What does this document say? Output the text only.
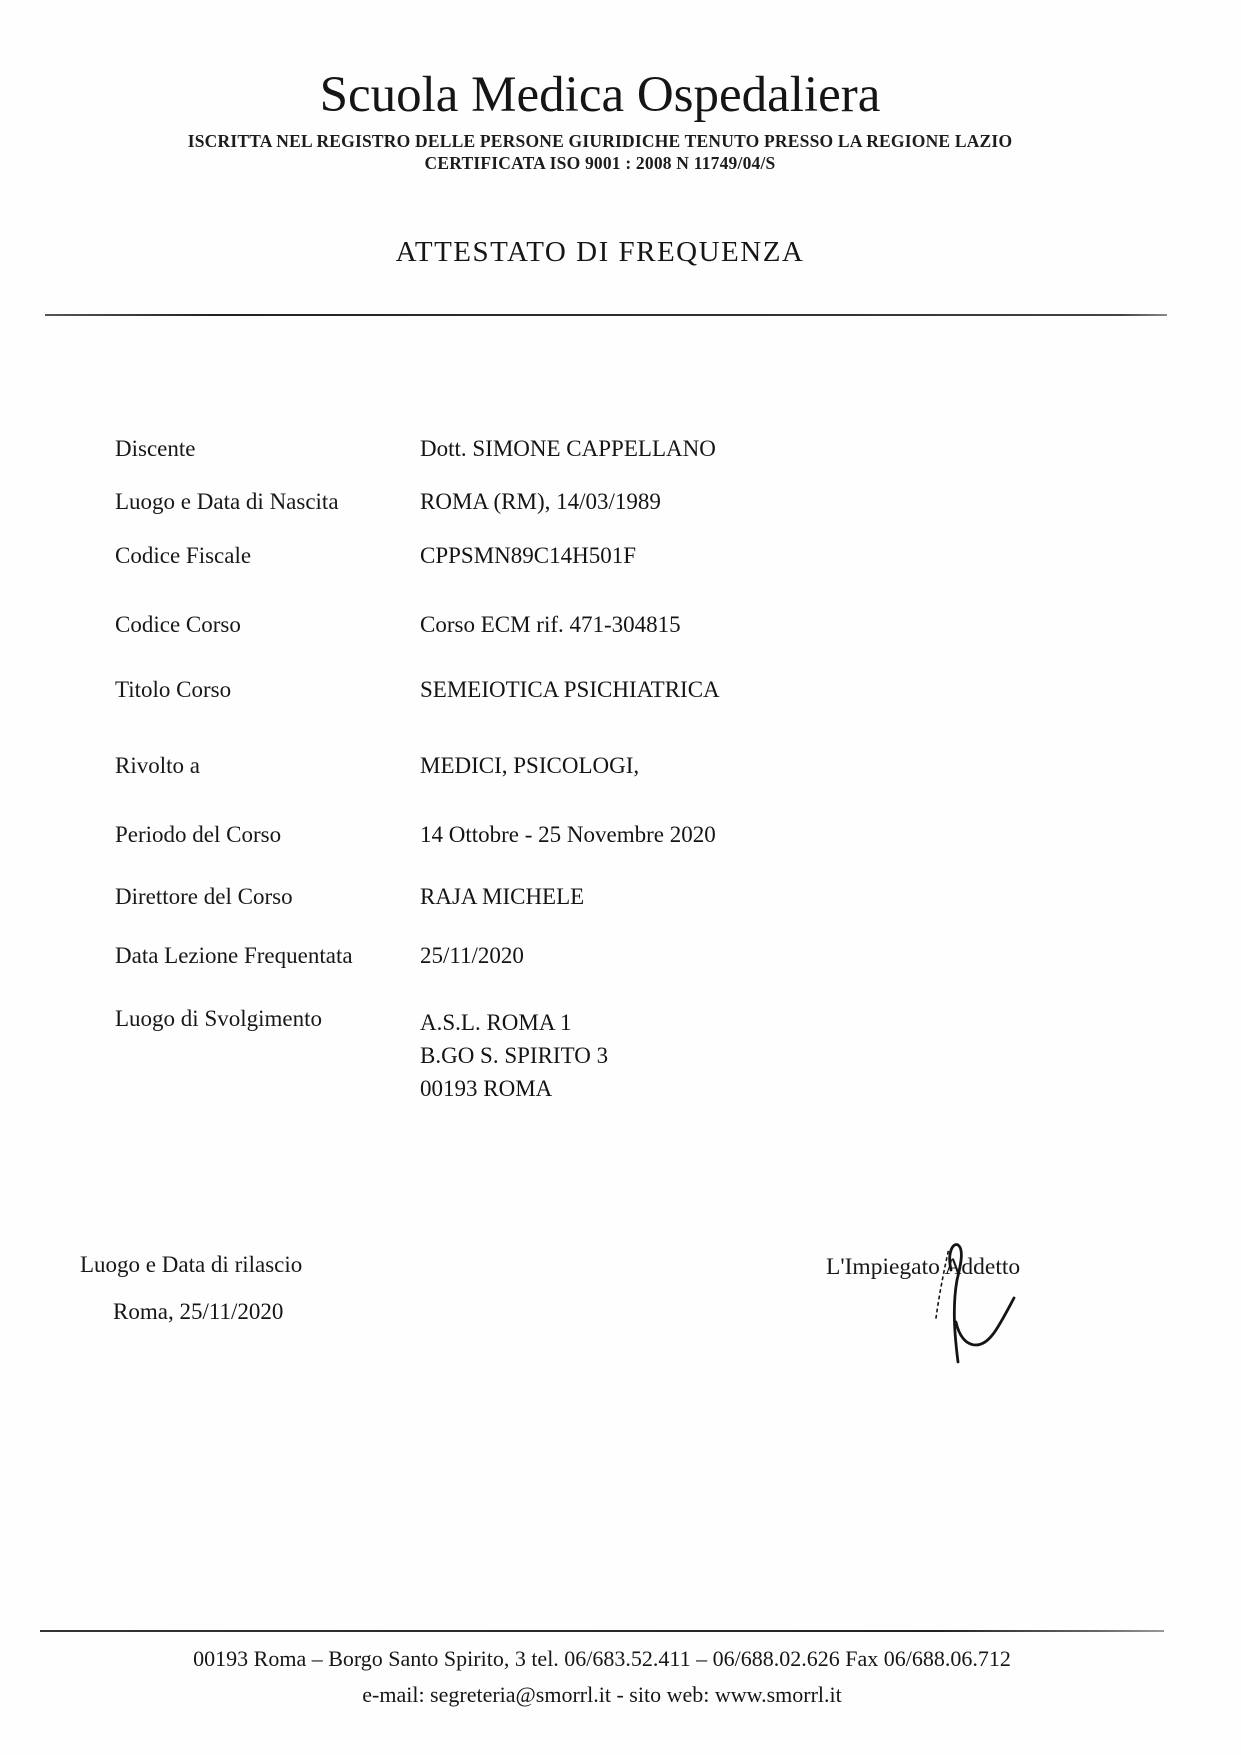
Scuola Medica Ospedaliera
ISCRITTA NEL REGISTRO DELLE PERSONE GIURIDICHE TENUTO PRESSO LA REGIONE LAZIO
CERTIFICATA ISO 9001 : 2008 N 11749/04/S
ATTESTATO DI FREQUENZA
Discente	Dott. SIMONE CAPPELLANO
Luogo e Data di Nascita	ROMA (RM), 14/03/1989
Codice Fiscale	CPPSMN89C14H501F
Codice Corso	Corso ECM rif. 471-304815
Titolo Corso	SEMEIOTICA PSICHIATRICA
Rivolto a	MEDICI, PSICOLOGI,
Periodo del Corso	14 Ottobre - 25 Novembre 2020
Direttore del Corso	RAJA MICHELE
Data Lezione Frequentata	25/11/2020
Luogo di Svolgimento	A.S.L. ROMA 1
B.GO S. SPIRITO 3
00193 ROMA
Luogo e Data di rilascio
Roma, 25/11/2020
L'Impiegato Addetto
00193 Roma – Borgo Santo Spirito, 3 tel. 06/683.52.411 – 06/688.02.626 Fax 06/688.06.712
e-mail: segreteria@smorrl.it - sito web: www.smorrl.it
